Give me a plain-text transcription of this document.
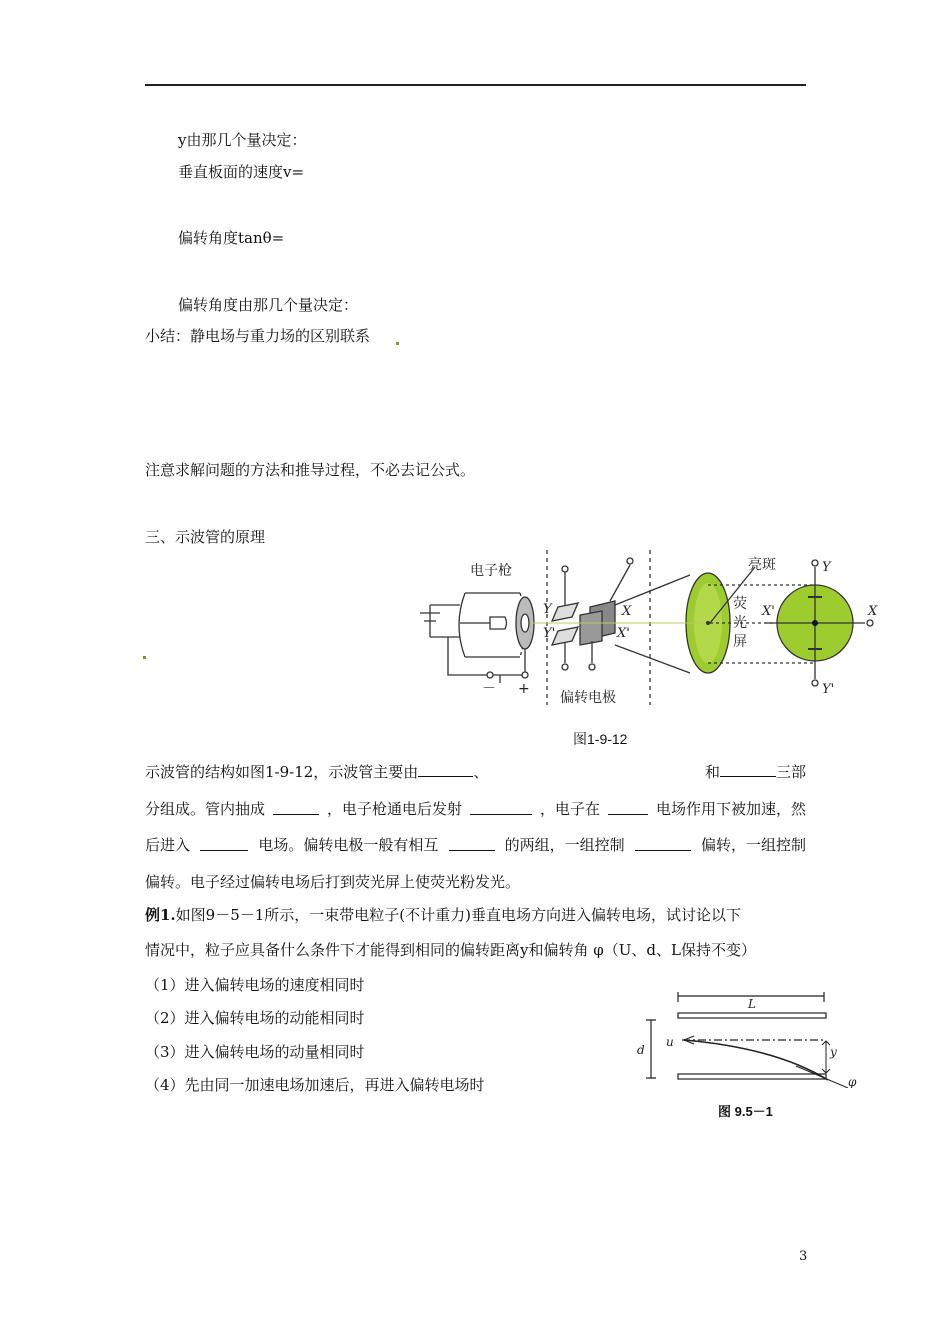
y由那几个量决定：
垂直板面的速度v=
偏转角度tanθ=
偏转角度由那几个量决定：
小结：静电场与重力场的区别联系
注意求解问题的方法和推导过程，不必去记公式。
三、示波管的原理
电子枪	亮斑
荧
光
屏
偏转电极
－ +
Y
Y'
X
X'
Y
Y'
X
X'
图1-9-12
示波管的结构如图1-9-12，示波管主要由	、	和	三部
分组成。管内抽成	，电子枪通电后发射	，电子在	电场作用下被加速，然
后进入	电场。偏转电极一般有相互	的两组，一组控制	偏转，一组控制
偏转。电子经过偏转电场后打到荧光屏上使荧光粉发光。
例1.如图9－5－1所示，一束带电粒子(不计重力)垂直电场方向进入偏转电场，试讨论以下
情况中，粒子应具备什么条件下才能得到相同的偏转距离y和偏转角 φ（U、d、L保持不变）
（1）进入偏转电场的速度相同时
（2）进入偏转电场的动能相同时
（3）进入偏转电场的动量相同时
（4）先由同一加速电场加速后，再进入偏转电场时
L
d
u
y
φ
图 9.5－1
3
